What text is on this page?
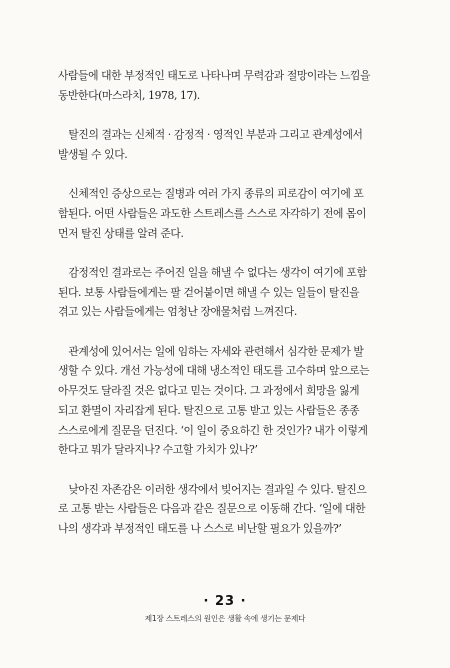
사람들에 대한 부정적인 태도로 나타나며 무력감과 절망이라는 느낌을
동반한다(마스라치, 1978, 17).
　탈진의 결과는 신체적 · 감정적 · 영적인 부분과 그리고 관계성에서
발생될 수 있다.
　신체적인 증상으로는 질병과 여러 가지 종류의 피로감이 여기에 포
함된다. 어떤 사람들은 과도한 스트레스를 스스로 자각하기 전에 몸이
먼저 탈진 상태를 알려 준다.
　감정적인 결과로는 주어진 일을 해낼 수 없다는 생각이 여기에 포함
된다. 보통 사람들에게는 팔 걷어붙이면 해낼 수 있는 일들이 탈진을
겪고 있는 사람들에게는 엄청난 장애물처럼 느껴진다.
　관계성에 있어서는 일에 임하는 자세와 관련해서 심각한 문제가 발
생할 수 있다. 개선 가능성에 대해 냉소적인 태도를 고수하며 앞으로는
아무것도 달라질 것은 없다고 믿는 것이다. 그 과정에서 희망을 잃게
되고 환멸이 자리잡게 된다. 탈진으로 고통 받고 있는 사람들은 종종
스스로에게 질문을 던진다. ‘이 일이 중요하긴 한 것인가? 내가 이렇게
한다고 뭐가 달라지나? 수고할 가치가 있나?’
　낮아진 자존감은 이러한 생각에서 빚어지는 결과일 수 있다. 탈진으
로 고통 받는 사람들은 다음과 같은 질문으로 이동해 간다. ‘일에 대한
나의 생각과 부정적인 태도를 나 스스로 비난할 필요가 있을까?’
· 23 ·
제1장 스트레스의 원인은 생활 속에 생기는 문제다
